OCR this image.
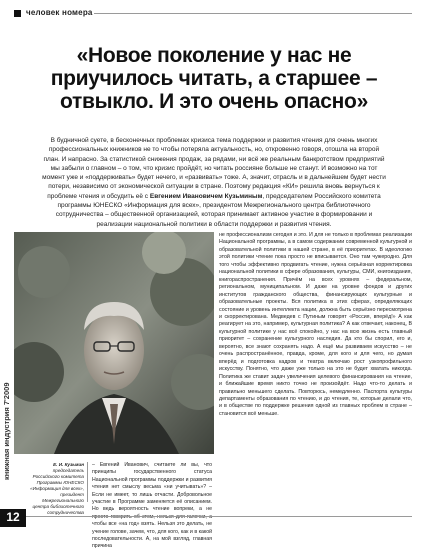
человек номера
«Новое поколение у нас не приучилось читать, а старшее – отвыкло. И это очень опасно»
В будничной суете, в бесконечных проблемах кризиса тема поддержки и развития чтения для очень многих профессиональных книжников не то чтобы потеряла актуальность, но, откровенно говоря, отошла на второй план. И напрасно. За статистикой снижения продаж, за рядами, ни всё же реальным банкротством предприятий мы забыли о главном – о том, что кризис пройдёт, но читать россияне больше не станут. И возможно на тот момент уже и «поддерживать» будет нечего, и «развивать» тоже. А, значит, отрасль и в дальнейшем будет нести потери, независимо от экономической ситуации в стране. Поэтому редакция «КИ» решила вновь вернуться к проблеме чтения и обсудить её с Евгением Ивановичем Кузьминым, председателем Российского комитета программы ЮНЕСКО «Информация для всех», президентом Межрегионального центра библиотечного сотрудничества – общественной организацией, которая принимает активное участие в формировании и реализации национальной политики в области поддержки и развития чтения.
книжная индустрия 7'2009	Е. И. Кузьмин
председатель Российского комитета Программы ЮНЕСКО «Информация для всех», президент Межрегионального центра библиотечного сотрудничества
– Евгений Иванович, считаете ли вы, что принципы государственного статуса Национальной программы поддержки и развития чтения нет смыслу весьма «ни учитывать»? – Если не имеет, то лишь отчасти. Добровольное участие в Программе заменяется её описанием. Но ведь вероятность чтение вопреки, а не чтобы все «на год» взять. Нельзя это делать, не учение голове, зачем, что, для кого, как и в какой последовательности. А, на мой взгляд, главная причина
не профессионализм сегодня и это. И для не только в проблемах реализации Национальной программы, а в самом содержании современной культурной и образовательной политики в нашей стране, в её приоритетах. В идеологию этой политики чтение пока просто не вписывается. Оно там чужеродно. Для того чтобы эффективно продвигать чтение, нужна серьёзная корректировка национальной политики в сфере образования, культуры, СМИ, книгоиздания, книгораспространения. Причём на всех уровнях – федеральном, региональном, муниципальном. И даже на уровне фондов и других институтов гражданского общества, финансирующих культурные и образовательные проекты. Вся политика в этих сферах, определяющих состояние и уровень интеллекта нации, должна быть серьёзно пересмотрена и скорректирована. Медведев с Путиным говорят «Россия, вперёд!» А как реагирует на это, например, культурная политика? А как отвечает, наконец, В культурной политике у нас всё спокойно, у нас на всю жизнь есть главный приоритет – сохранение культурного наследия. Да кто бы спорил, его и, вероятно, все знают сохранять надо. А ещё мы развиваем искусство – не очень распространённое, правда, кроме, для кого и для чего, но думая вперёд и подготовка кадров и театра включаю рост узкопрофильного искусству. Понятно, что даже уже только на это не будет хватать никогда. Политика же ставит задач увеличения целевого финансирования на чтение, и ближайшие время никто точно не произойдёт. Надо что-то делать и правильно меньшего сделать. Повторюсь, немедленно. Паспорта культуры департаменты образования по чтению, и до чтения, те, которые делали что, и в обществе по поддержке решения одной из главных проблем в стране – становится всё меньше.
12
